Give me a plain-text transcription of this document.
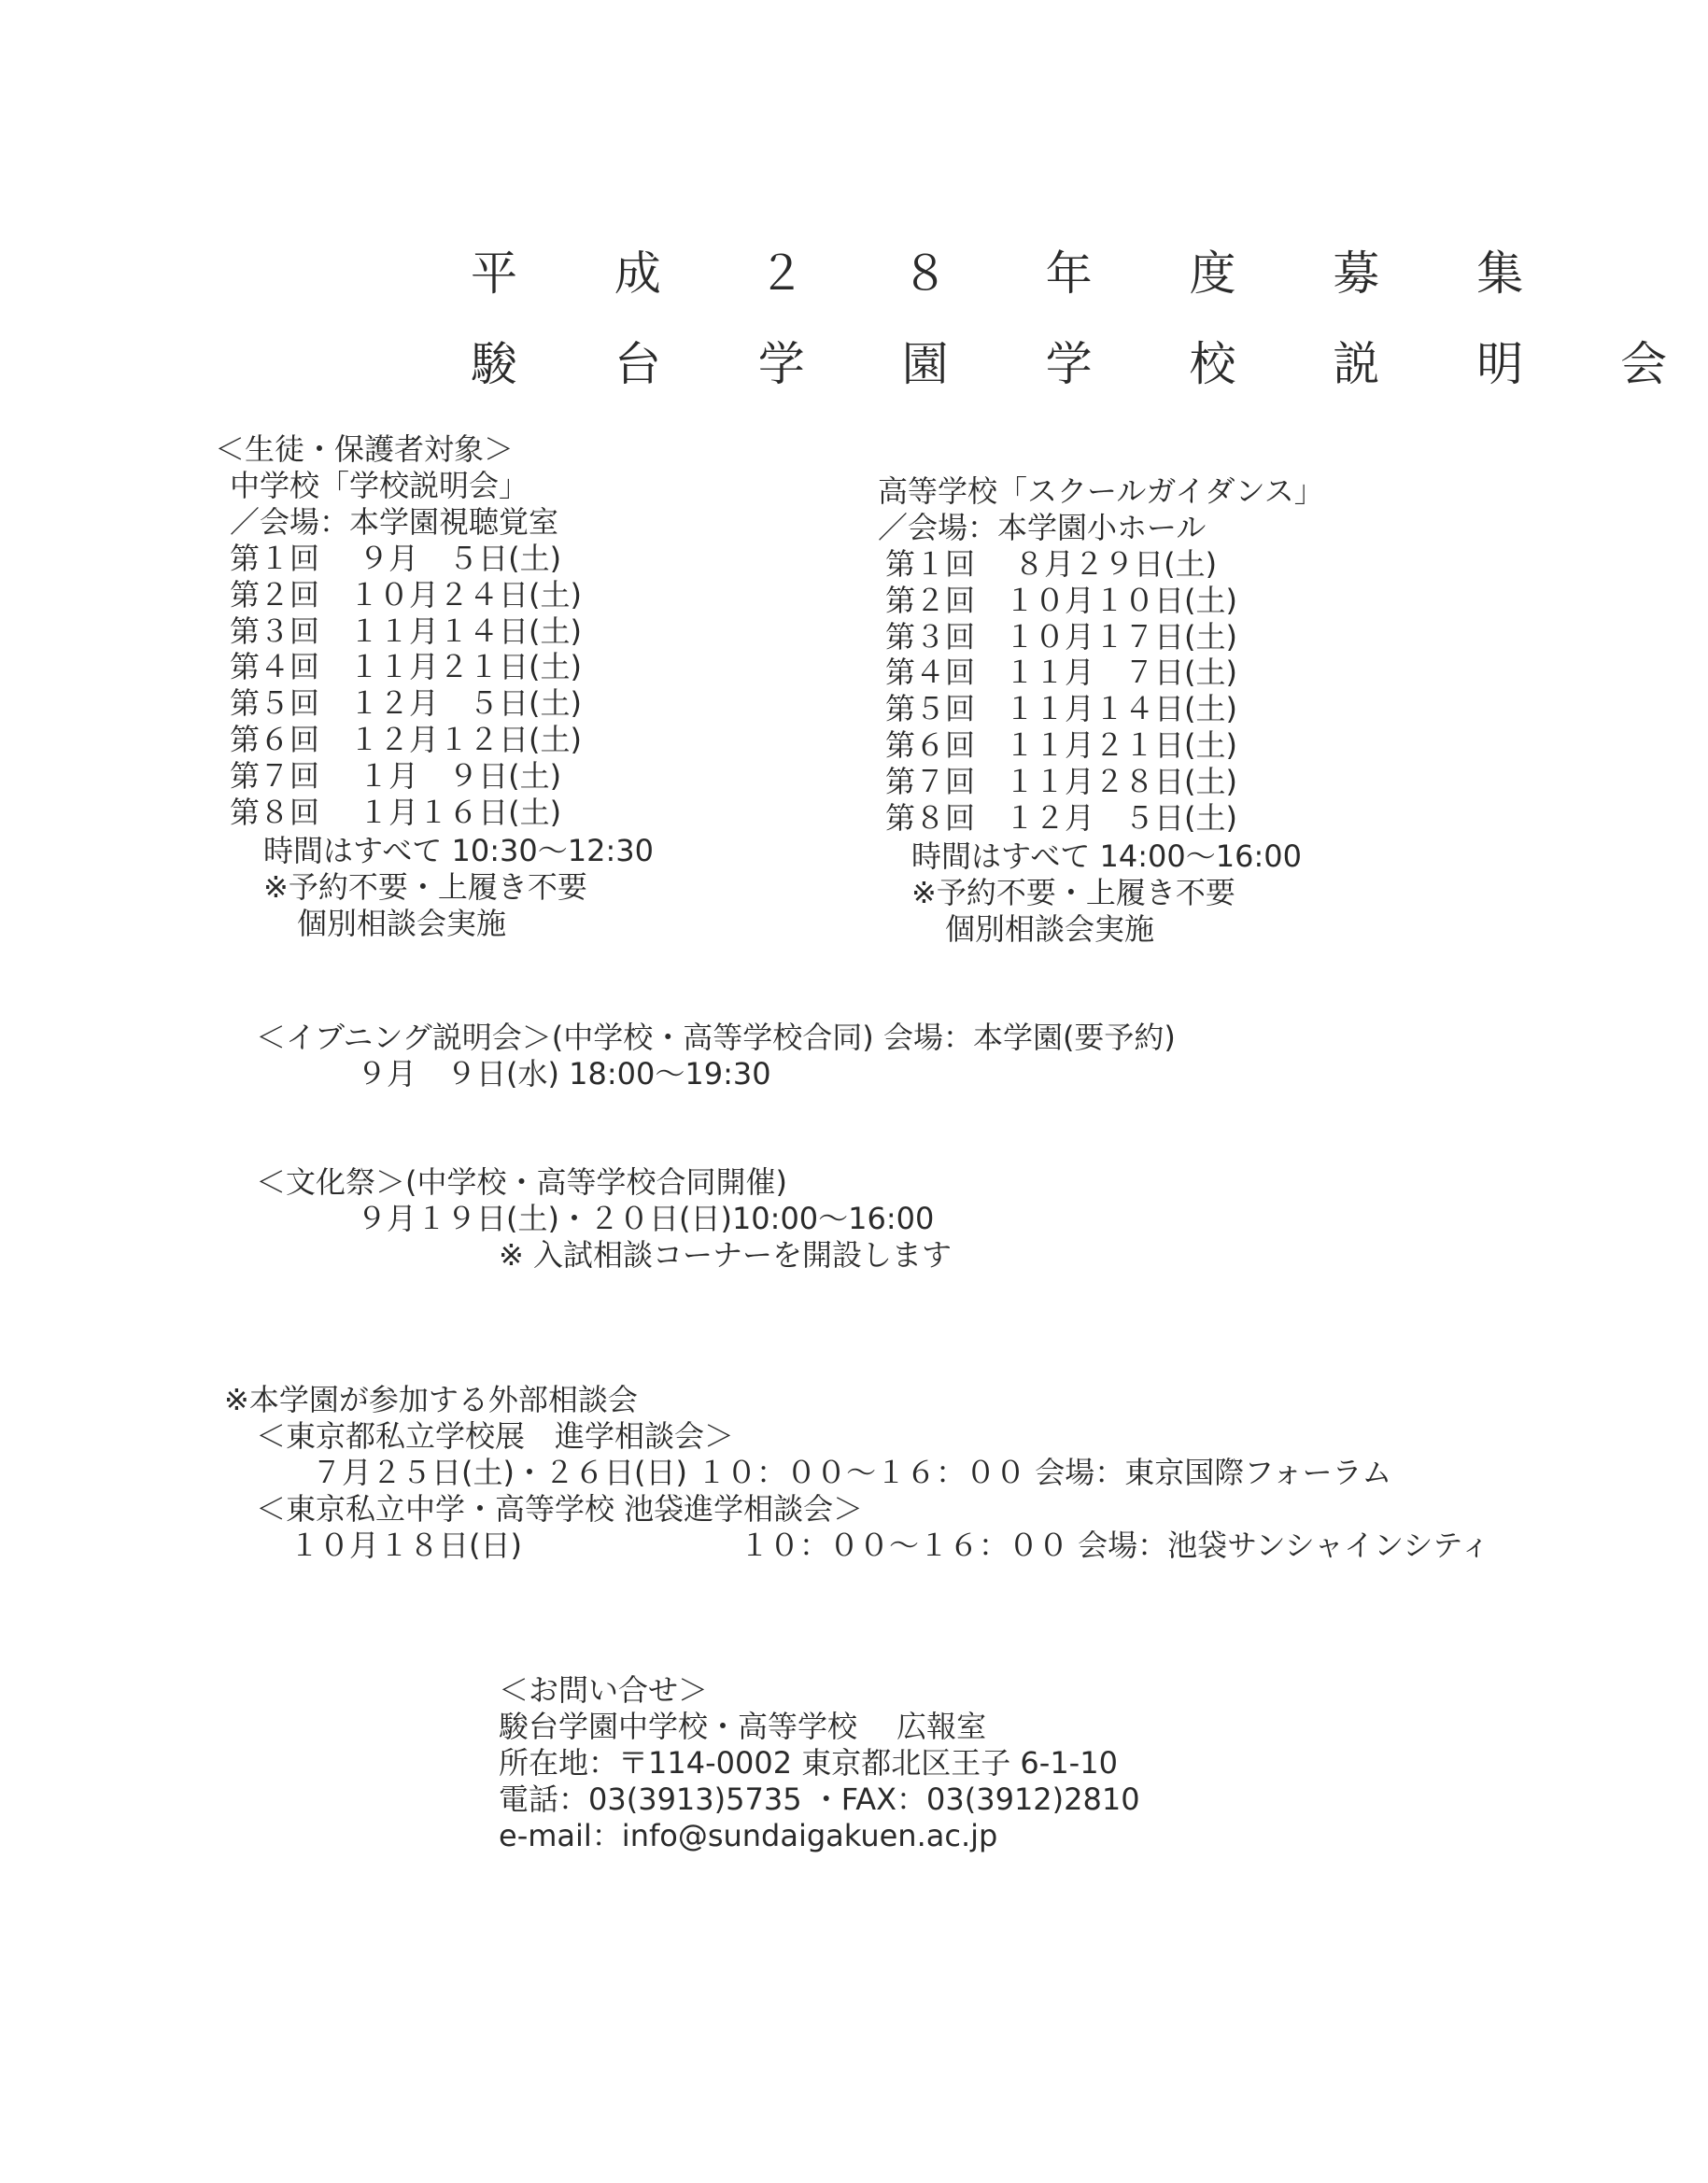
平 成 ２ ８ 年 度 募 集
駿 台 学 園 学 校 説 明 会
＜生徒・保護者対象＞
中学校「学校説明会」
／会場：本学園視聴覚室
第１回　 ９月　５日(土)
第２回　１０月２４日(土)
第３回　１１月１４日(土)
第４回　１１月２１日(土)
第５回　１２月　５日(土)
第６回　１２月１２日(土)
第７回　 １月　９日(土)
第８回　 １月１６日(土)
時間はすべて 10:30～12:30
※予約不要・上履き不要
個別相談会実施
高等学校「スクールガイダンス」
／会場：本学園小ホール
第１回　 ８月２９日(土)
第２回　１０月１０日(土)
第３回　１０月１７日(土)
第４回　１１月　７日(土)
第５回　１１月１４日(土)
第６回　１１月２１日(土)
第７回　１１月２８日(土)
第８回　１２月　５日(土)
時間はすべて 14:00～16:00
※予約不要・上履き不要
個別相談会実施
＜イブニング説明会＞(中学校・高等学校合同) 会場：本学園(要予約)
９月　９日(水) 18:00～19:30
＜文化祭＞(中学校・高等学校合同開催)
９月１９日(土)・２０日(日)10:00～16:00
※ 入試相談コーナーを開設します
※本学園が参加する外部相談会
＜東京都私立学校展　進学相談会＞
７月２５日(土)・２６日(日) １０：００～１６：００ 会場：東京国際フォーラム
＜東京私立中学・高等学校 池袋進学相談会＞
１０月１８日(日)	１０：００～１６：００ 会場：池袋サンシャインシティ
＜お問い合せ＞
駿台学園中学校・高等学校　 広報室
所在地：〒114-0002 東京都北区王子 6-1-10
電話：03(3913)5735 ・FAX：03(3912)2810
e-mail：info@sundaigakuen.ac.jp
